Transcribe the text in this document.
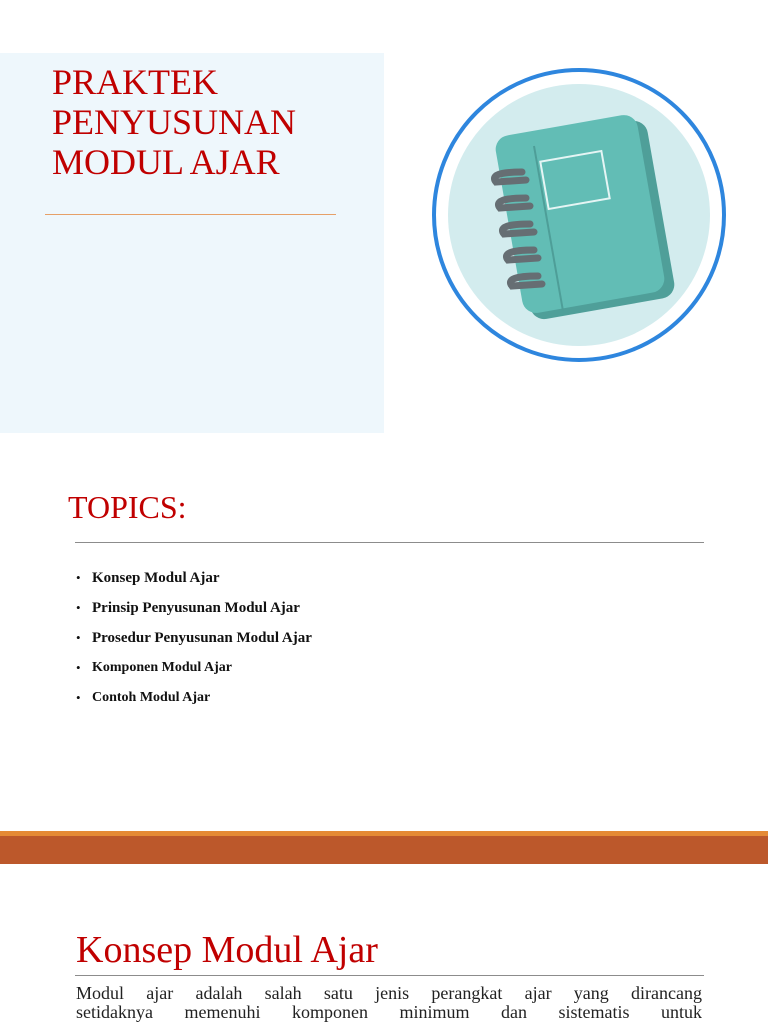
PRAKTEK
PENYUSUNAN
MODUL AJAR
TOPICS:
• Konsep Modul Ajar
• Prinsip Penyusunan Modul Ajar
• Prosedur Penyusunan Modul Ajar
• Komponen Modul Ajar
• Contoh Modul Ajar
Konsep Modul Ajar
Modul ajar adalah salah satu jenis perangkat ajar yang dirancang
setidaknya memenuhi komponen minimum dan sistematis untuk
